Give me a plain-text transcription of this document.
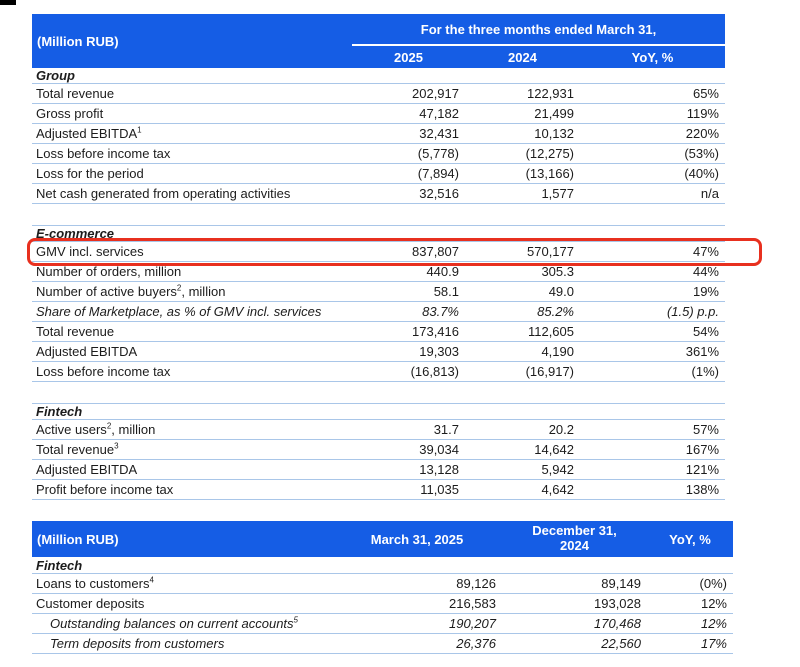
(Million RUB)	For the three months ended March 31,		
	2025	2024	YoY, %
Group			
Total revenue	202,917	122,931	65%
Gross profit	47,182	21,499	119%
Adjusted EBITDA$^1$	32,431	10,132	220%
Loss before income tax	(5,778)	(12,275)	(53%)
Loss for the period	(7,894)	(13,166)	(40%)
Net cash generated from operating activities	32,516	1,577	n/a

E-commerce			
GMV incl. services	837,807	570,177	47%
Number of orders, million	440.9	305.3	44%
Number of active buyers$^2$, million	58.1	49.0	19%
Share of Marketplace, as % of GMV incl. services	83.7%	85.2%	(1.5) p.p.
Total revenue	173,416	112,605	54%
Adjusted EBITDA	19,303	4,190	361%
Loss before income tax	(16,813)	(16,917)	(1%)

Fintech			
Active users$^2$, million	31.7	20.2	57%
Total revenue$^3$	39,034	14,642	167%
Adjusted EBITDA	13,128	5,942	121%
Profit before income tax	11,035	4,642	138%
(Million RUB)	March 31, 2025	December 31, 2024	YoY, %
Fintech			
Loans to customers$^4$	89,126	89,149	(0%)
Customer deposits	216,583	193,028	12%
Outstanding balances on current accounts$^5$	190,207	170,468	12%
Term deposits from customers	26,376	22,560	17%
